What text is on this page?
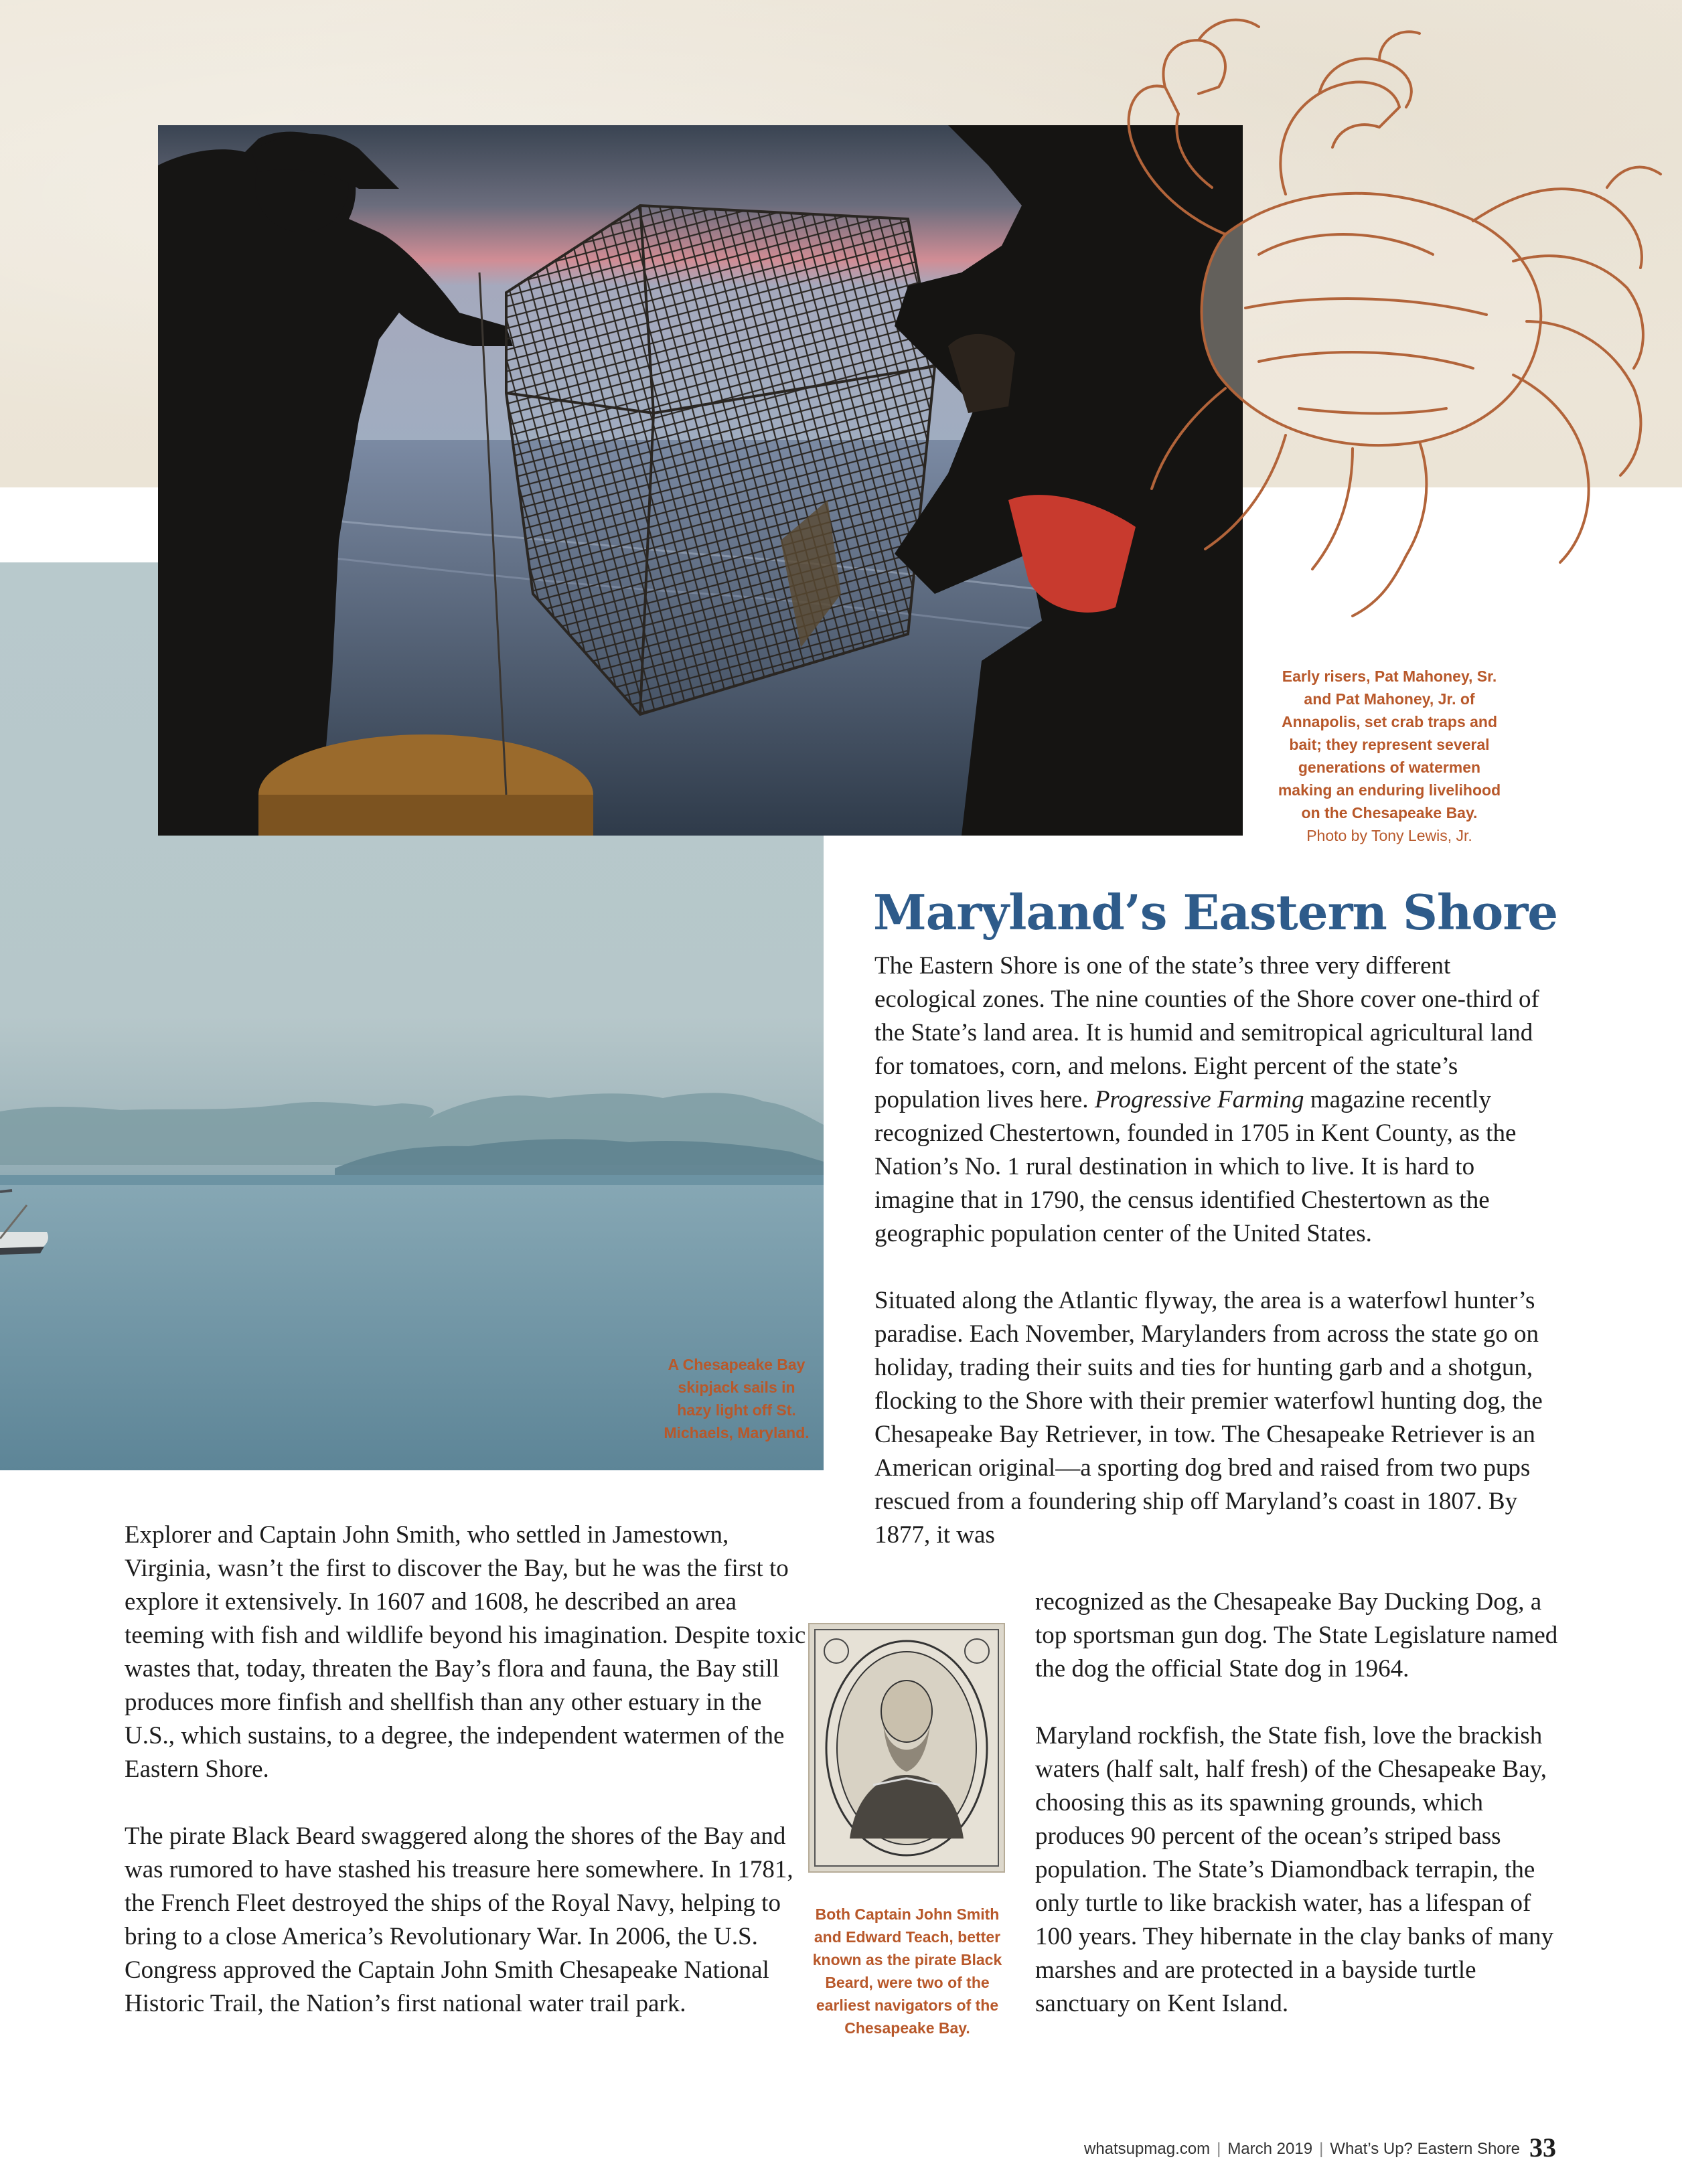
Early risers, Pat Mahoney, Sr. and Pat Mahoney, Jr. of Annapolis, set crab traps and bait; they represent several generations of watermen making an enduring livelihood on the Chesapeake Bay.
Photo by Tony Lewis, Jr.
A Chesapeake Bay skipjack sails in hazy light off St. Michaels, Maryland.
Maryland’s Eastern Shore

The Eastern Shore is one of the state’s three very different ecological zones. The nine counties of the Shore cover one-third of the State’s land area. It is humid and semitropical agricultural land for tomatoes, corn, and melons. Eight percent of the state’s population lives here. Progressive Farming magazine recently recognized Chestertown, founded in 1705 in Kent County, as the Nation’s No. 1 rural destination in which to live. It is hard to imagine that in 1790, the census identified Chestertown as the geographic population center of the United States.

Situated along the Atlantic flyway, the area is a waterfowl hunter’s paradise. Each November, Marylanders from across the state go on holiday, trading their suits and ties for hunting garb and a shotgun, flocking to the Shore with their premier waterfowl hunting dog, the Chesapeake Bay Retriever, in tow. The Chesapeake Retriever is an American original—a sporting dog bred and raised from two pups rescued from a foundering ship off Maryland’s coast in 1807. By 1877, it was

recognized as the Chesapeake Bay Ducking Dog, a top sportsman gun dog. The State Legislature named the dog the official State dog in 1964.

Maryland rockfish, the State fish, love the brackish waters (half salt, half fresh) of the Chesapeake Bay, choosing this as its spawning grounds, which produces 90 percent of the ocean’s striped bass population. The State’s Diamondback terrapin, the only turtle to like brackish water, has a lifespan of 100 years. They hibernate in the clay banks of many marshes and are protected in a bayside turtle sanctuary on Kent Island.

Explorer and Captain John Smith, who settled in Jamestown, Virginia, wasn’t the first to discover the Bay, but he was the first to explore it extensively. In 1607 and 1608, he described an area teeming with fish and wildlife beyond his imagination. Despite toxic wastes that, today, threaten the Bay’s flora and fauna, the Bay still produces more finfish and shellfish than any other estuary in the U.S., which sustains, to a degree, the independent watermen of the Eastern Shore.

The pirate Black Beard swaggered along the shores of the Bay and was rumored to have stashed his treasure here somewhere. In 1781, the French Fleet destroyed the ships of the Royal Navy, helping to bring to a close America’s Revolutionary War. In 2006, the U.S. Congress approved the Captain John Smith Chesapeake National Historic Trail, the Nation’s first national water trail park.

Both Captain John Smith and Edward Teach, better known as the pirate Black Beard, were two of the earliest navigators of the Chesapeake Bay.
whatsupmag.com | March 2019 | What’s Up? Eastern Shore 33
